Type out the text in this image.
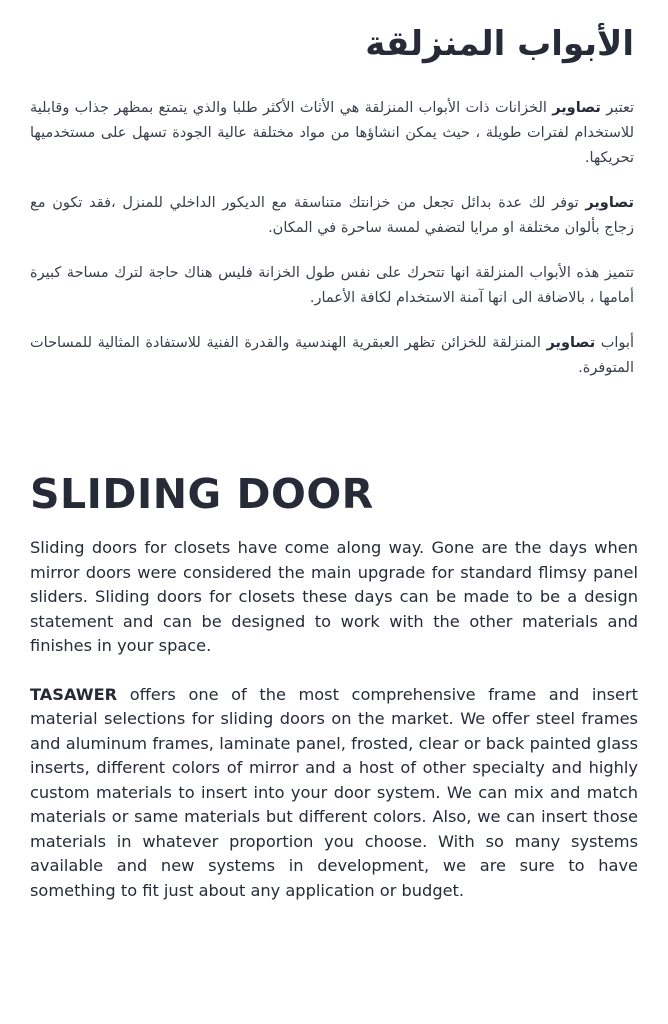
الأبواب المنزلقة

تعتبر تصاوير الخزانات ذات الأبواب المنزلقة هي الأثاث الأكثر طلبا والذي يتمتع بمظهر جذاب وقابلية للاستخدام لفترات طويلة ، حيث يمكن انشاؤها من مواد مختلفة عالية الجودة تسهل على مستخدميها تحريكها.

تصاوير توفر لك عدة بدائل تجعل من خزانتك متناسقة مع الديكور الداخلي للمنزل ،فقد تكون مع زجاج بألوان مختلفة او مرايا لتضفي لمسة ساحرة في المكان.

تتميز هذه الأبواب المنزلقة انها تتحرك على نفس طول الخزانة فليس هناك حاجة لترك مساحة كبيرة أمامها ، بالاضافة الى انها آمنة الاستخدام لكافة الأعمار.

أبواب تصاوير المنزلقة للخزائن تظهر العبقرية الهندسية والقدرة الفنية للاستفادة المثالية للمساحات المتوفرة.

SLIDING DOOR

Sliding doors for closets have come along way. Gone are the days when mirror doors were considered the main upgrade for standard flimsy panel sliders. Sliding doors for closets these days can be made to be a design statement and can be designed to work with the other materials and finishes in your space.

TASAWER offers one of the most comprehensive frame and insert material selections for sliding doors on the market. We offer steel frames and aluminum frames, laminate panel, frosted, clear or back painted glass inserts, different colors of mirror and a host of other specialty and highly custom materials to insert into your door system. We can mix and match materials or same materials but different colors. Also, we can insert those materials in whatever proportion you choose. With so many systems available and new systems in development, we are sure to have something to fit just about any application or budget.
